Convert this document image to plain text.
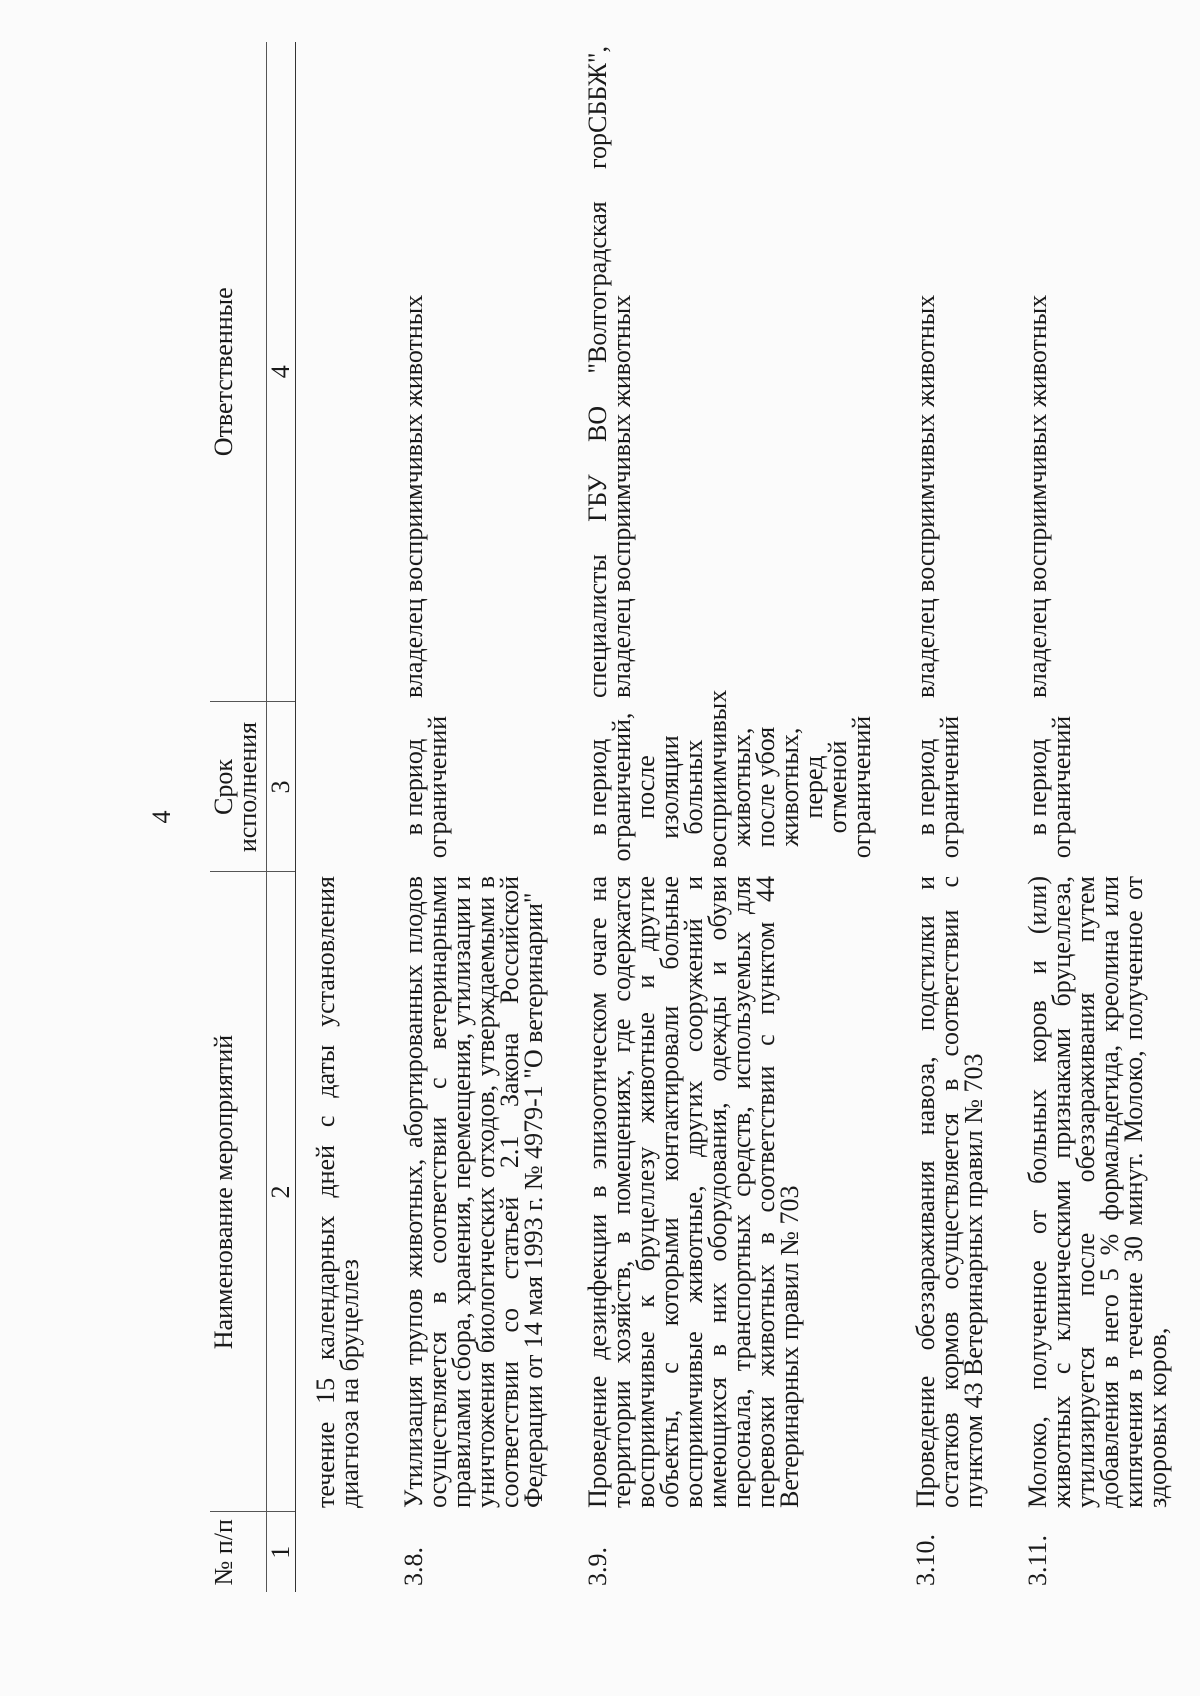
4
№ п/п	Наименование мероприятий	Срок исполнения	Ответственные
1	2	3	4
	течение 15 календарных дней с даты установления диагноза на бруцеллез		
3.8.	Утилизация трупов животных, абортированных плодов осуществляется в соответствии с ветеринарными правилами сбора, хранения, перемещения, утилизации и уничтожения биологических отходов, утверждаемыми в соответствии со статьей 2.1 Закона Российской Федерации от 14 мая 1993 г. № 4979-1 "О ветеринарии"	в период ограничений	владелец восприимчивых животных
3.9.	Проведение дезинфекции в эпизоотическом очаге на территории хозяйств, в помещениях, где содержатся восприимчивые к бруцеллезу животные и другие объекты, с которыми контактировали больные восприимчивые животные, других сооружений и имеющихся в них оборудования, одежды и обуви персонала, транспортных средств, используемых для перевозки животных в соответствии с пунктом 44 Ветеринарных правил № 703	в период ограничений, после изоляции больных восприимчивых животных, после убоя животных, перед отменой ограничений	специалисты ГБУ ВО "Волгоградская горСББЖ", владелец восприимчивых животных
3.10.	Проведение обеззараживания навоза, подстилки и остатков кормов осуществляется в соответствии с пунктом 43 Ветеринарных правил № 703	в период ограничений	владелец восприимчивых животных
3.11.	Молоко, полученное от больных коров и (или) животных с клиническими признаками бруцеллеза, утилизируется после обеззараживания путем добавления в него 5 % формальдегида, креолина или кипячения в течение 30 минут. Молоко, полученное от здоровых коров,	в период ограничений	владелец восприимчивых животных
